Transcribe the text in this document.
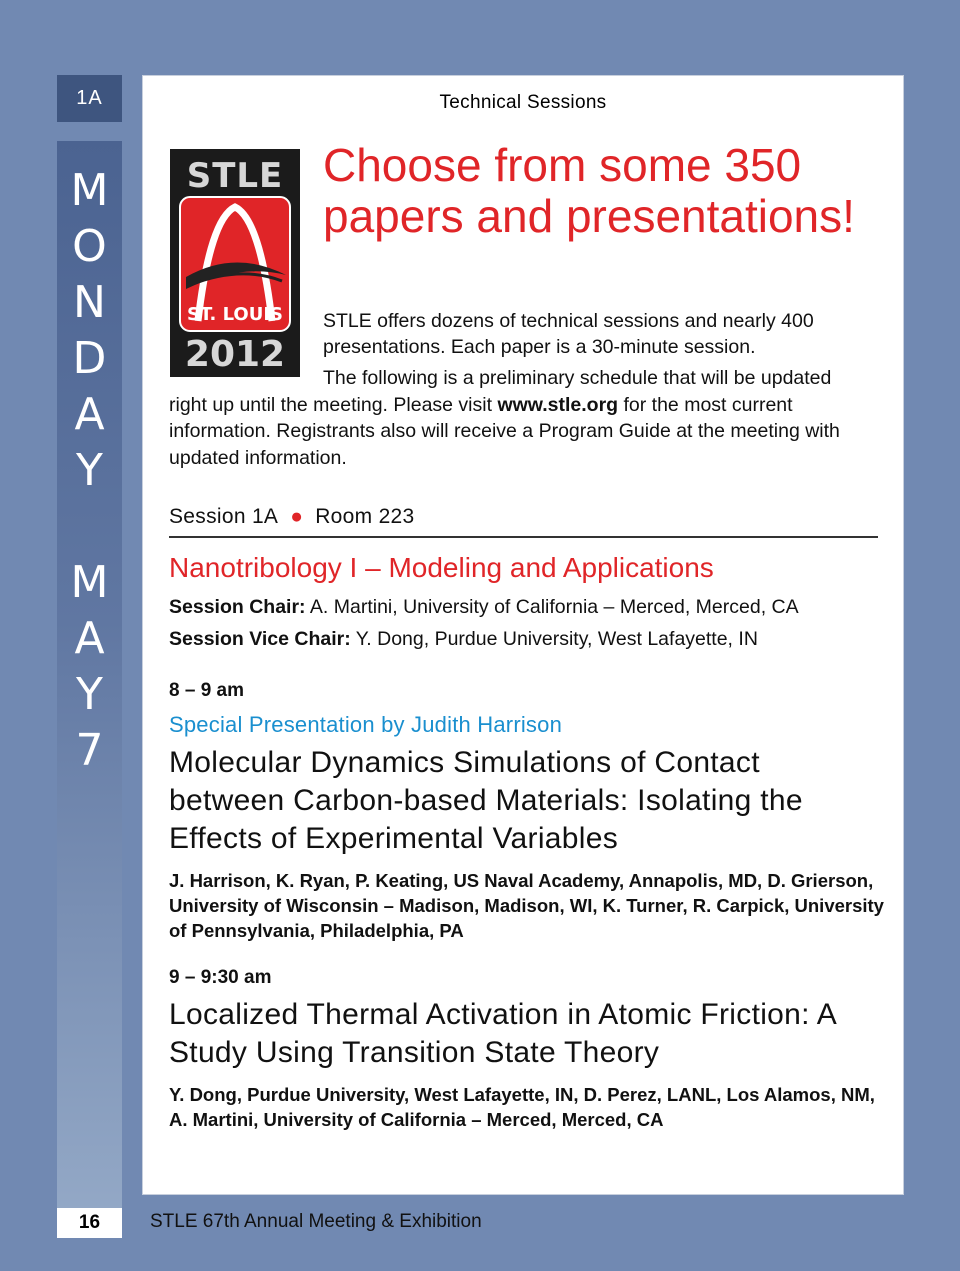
1A
M
O
N
D
A
Y
M
A
Y
7
16	STLE 67th Annual Meeting & Exhibition
Technical Sessions
STLE
ST. LOUIS
2012
Choose from some 350 papers and presentations!
STLE offers dozens of technical sessions and nearly 400 presentations. Each paper is a 30-minute session.
The following is a preliminary schedule that will be updated
right up until the meeting. Please visit www.stle.org for the most current information. Registrants also will receive a Program Guide at the meeting with updated information.
Session 1A ● Room 223
Nanotribology I – Modeling and Applications
Session Chair: A. Martini, University of California – Merced, Merced, CA
Session Vice Chair: Y. Dong, Purdue University, West Lafayette, IN
8 – 9 am
Special Presentation by Judith Harrison
Molecular Dynamics Simulations of Contact between Carbon-based Materials: Isolating the Effects of Experimental Variables
J. Harrison, K. Ryan, P. Keating, US Naval Academy, Annapolis, MD, D. Grierson, University of Wisconsin – Madison, Madison, WI, K. Turner, R. Carpick, University of Pennsylvania, Philadelphia, PA
9 – 9:30 am
Localized Thermal Activation in Atomic Friction: A Study Using Transition State Theory
Y. Dong, Purdue University, West Lafayette, IN, D. Perez, LANL, Los Alamos, NM, A. Martini, University of California – Merced, Merced, CA
